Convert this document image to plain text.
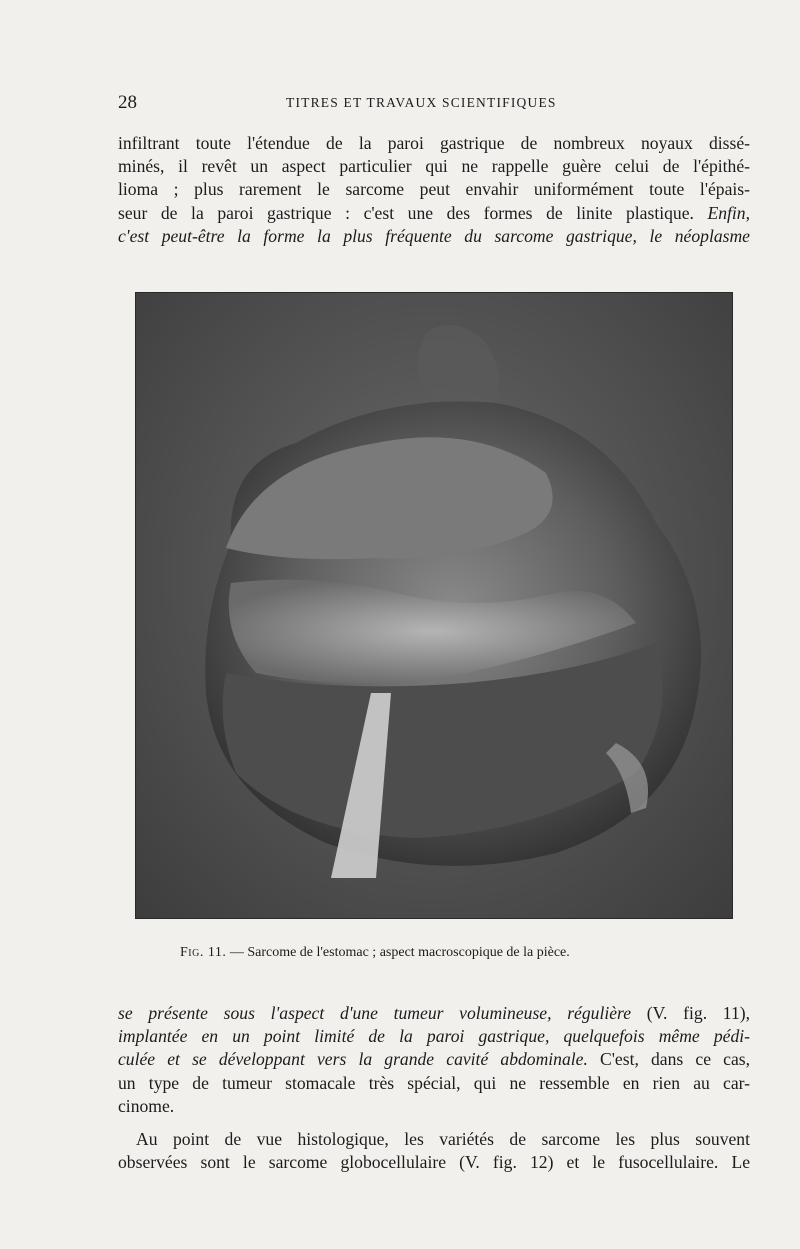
28	TITRES ET TRAVAUX SCIENTIFIQUES

infiltrant toute l'étendue de la paroi gastrique de nombreux noyaux dissé-
minés, il revêt un aspect particulier qui ne rappelle guère celui de l'épithé-
lioma ; plus rarement le sarcome peut envahir uniformément toute l'épais-
seur de la paroi gastrique : c'est une des formes de linite plastique. Enfin,
c'est peut-être la forme la plus fréquente du sarcome gastrique, le néoplasme

Fig. 11. — Sarcome de l'estomac ; aspect macroscopique de la pièce.

se présente sous l'aspect d'une tumeur volumineuse, régulière (V. fig. 11),
implantée en un point limité de la paroi gastrique, quelquefois même pédi-
culée et se développant vers la grande cavité abdominale. C'est, dans ce cas,
un type de tumeur stomacale très spécial, qui ne ressemble en rien au car-
cinome.

Au point de vue histologique, les variétés de sarcome les plus souvent
observées sont le sarcome globocellulaire (V. fig. 12) et le fusocellulaire. Le
